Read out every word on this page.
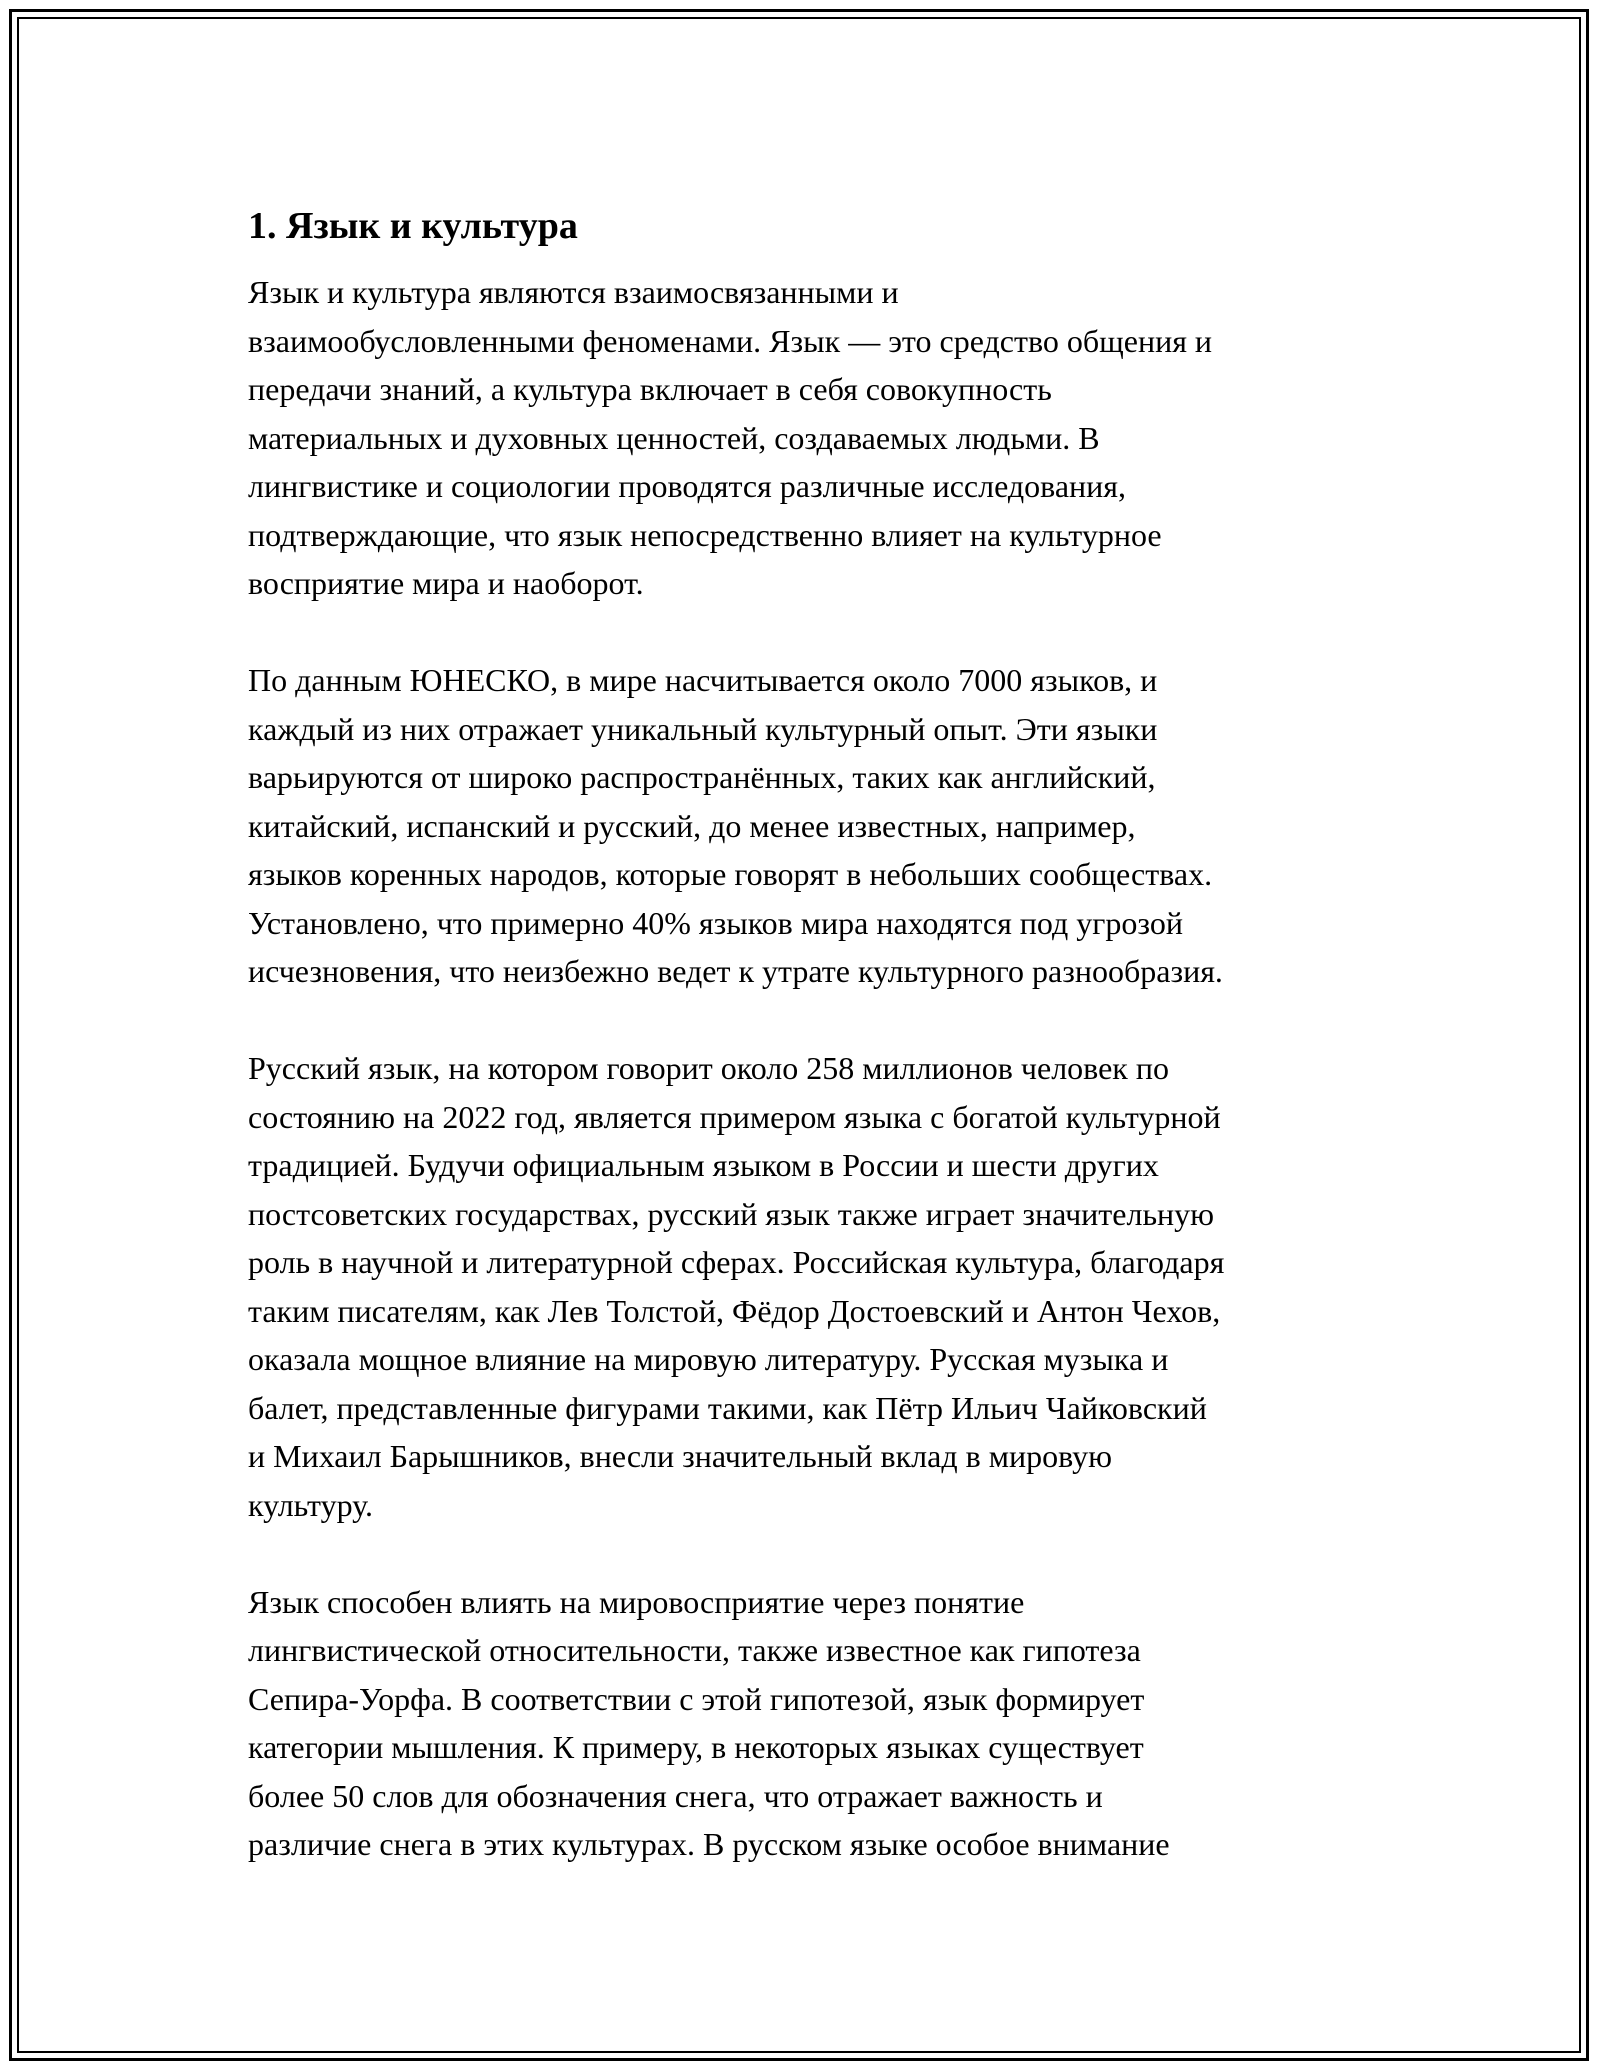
1. Язык и культура
Язык и культура являются взаимосвязанными и
взаимообусловленными феноменами. Язык — это средство общения и
передачи знаний, а культура включает в себя совокупность
материальных и духовных ценностей, создаваемых людьми. В
лингвистике и социологии проводятся различные исследования,
подтверждающие, что язык непосредственно влияет на культурное
восприятие мира и наоборот.
По данным ЮНЕСКО, в мире насчитывается около 7000 языков, и
каждый из них отражает уникальный культурный опыт. Эти языки
варьируются от широко распространённых, таких как английский,
китайский, испанский и русский, до менее известных, например,
языков коренных народов, которые говорят в небольших сообществах.
Установлено, что примерно 40% языков мира находятся под угрозой
исчезновения, что неизбежно ведет к утрате культурного разнообразия.
Русский язык, на котором говорит около 258 миллионов человек по
состоянию на 2022 год, является примером языка с богатой культурной
традицией. Будучи официальным языком в России и шести других
постсоветских государствах, русский язык также играет значительную
роль в научной и литературной сферах. Российская культура, благодаря
таким писателям, как Лев Толстой, Фёдор Достоевский и Антон Чехов,
оказала мощное влияние на мировую литературу. Русская музыка и
балет, представленные фигурами такими, как Пётр Ильич Чайковский
и Михаил Барышников, внесли значительный вклад в мировую
культуру.
Язык способен влиять на мировосприятие через понятие
лингвистической относительности, также известное как гипотеза
Сепира-Уорфа. В соответствии с этой гипотезой, язык формирует
категории мышления. К примеру, в некоторых языках существует
более 50 слов для обозначения снега, что отражает важность и
различие снега в этих культурах. В русском языке особое внимание
